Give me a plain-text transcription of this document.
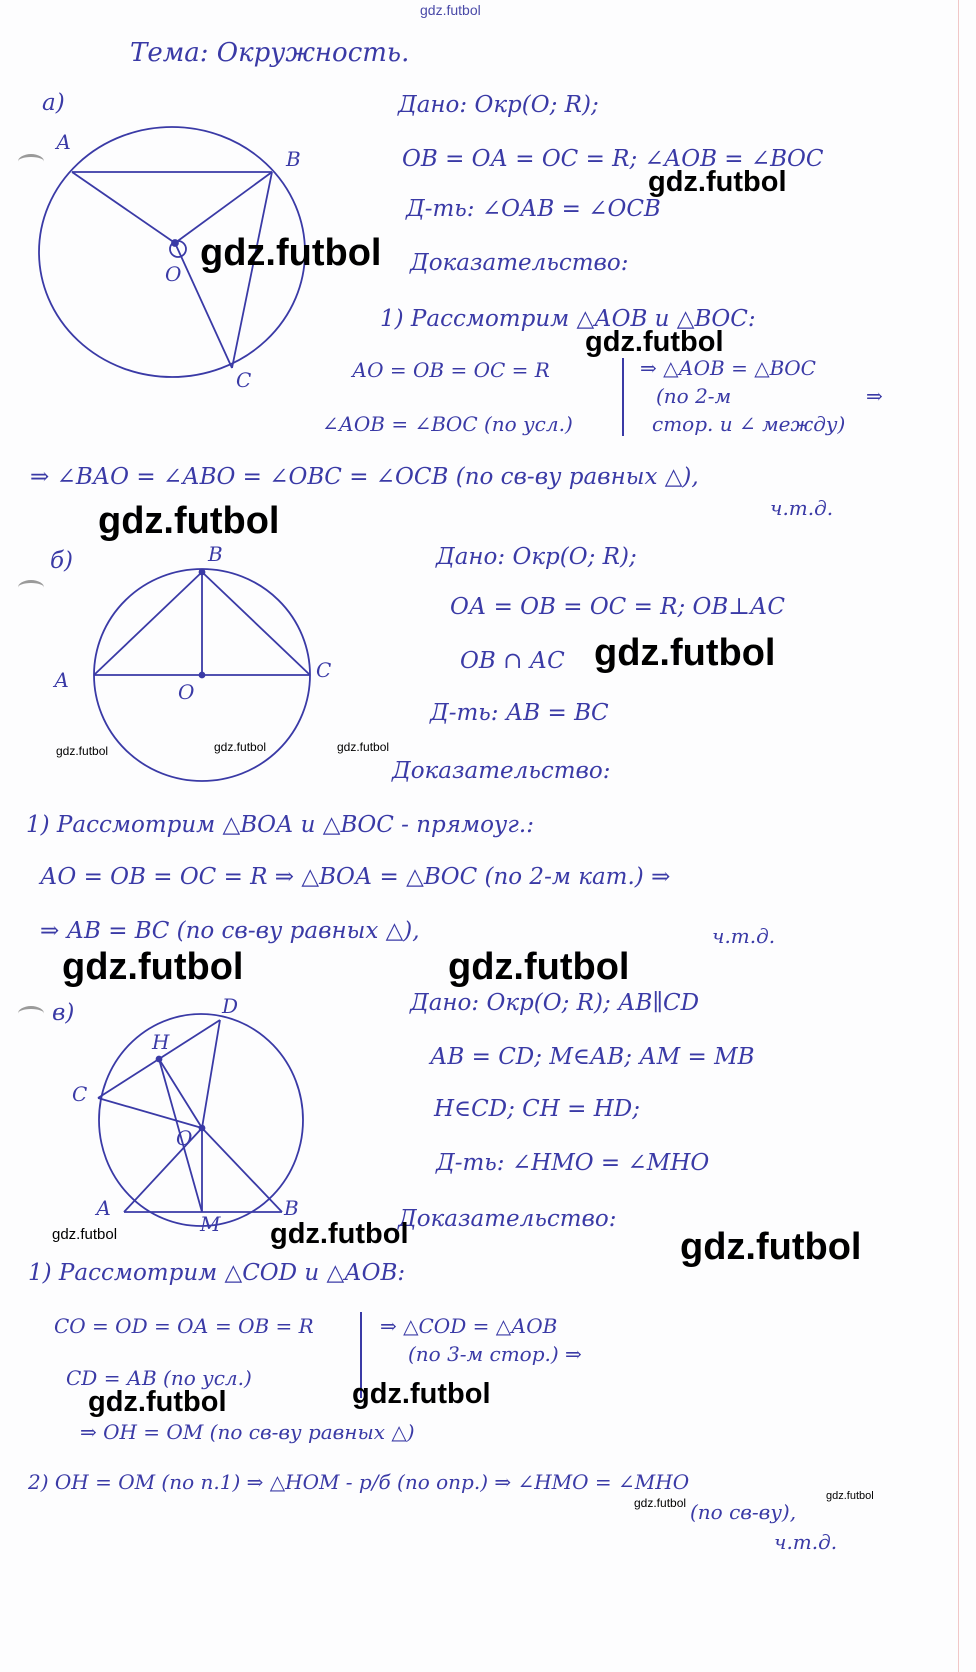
gdz.futbol
Тема: Окружность.
а)
А
В
О
С
Дано: Окр(О; R);
ОВ = ОА = ОС = R; ∠АОВ = ∠ВОС
Д-ть: ∠ОАВ = ∠ОСВ
Доказательство:
1) Рассмотрим △АОВ и △ВОС:
АО = ОВ = ОС = R
∠АОВ = ∠ВОС (по усл.)
⇒ △АОВ = △ВОС
(по 2-м	⇒
стор. и ∠ между)
⇒ ∠ВАО = ∠АВО = ∠ОВС = ∠ОСВ (по св-ву равных △),
ч.т.д.
б)	В
А	О
С
Дано: Окр(О; R);
ОА = ОВ = ОС = R; ОВ⊥АС
ОВ ∩ АС
Д-ть: АВ = ВС
Доказательство:
1) Рассмотрим △ВОА и △ВОС - прямоуг.:
АО = ОВ = ОС = R ⇒ △ВОА = △ВОС (по 2-м кат.) ⇒
⇒ АВ = ВС (по св-ву равных △),	ч.т.д.
в)	D
Н
С
О
А
М
В
Дано: Окр(О; R); АВ∥СD
АВ = СD; М∈АВ; АМ = МВ
Н∈СD; СН = НD;
Д-ть: ∠НМО = ∠МНО
Доказательство:
1) Рассмотрим △СОD и △АОВ:
СО = ОD = ОА = ОВ = R
СD = АВ (по усл.)
⇒ △СОD = △АОВ
(по 3-м стор.) ⇒
⇒ ОН = ОМ (по св-ву равных △)
2) ОН = ОМ (по п.1) ⇒ △НОМ - р/б (по опр.) ⇒ ∠НМО = ∠МНО
(по св-ву),
ч.т.д.
gdz.futbol
gdz.futbol
gdz.futbol
gdz.futbol
gdz.futbol
gdz.futbol	gdz.futbol	gdz.futbol
gdz.futbol	gdz.futbol
gdz.futbol	gdz.futbol	gdz.futbol
gdz.futbol
gdz.futbol
gdz.futbol	gdz.futbol
